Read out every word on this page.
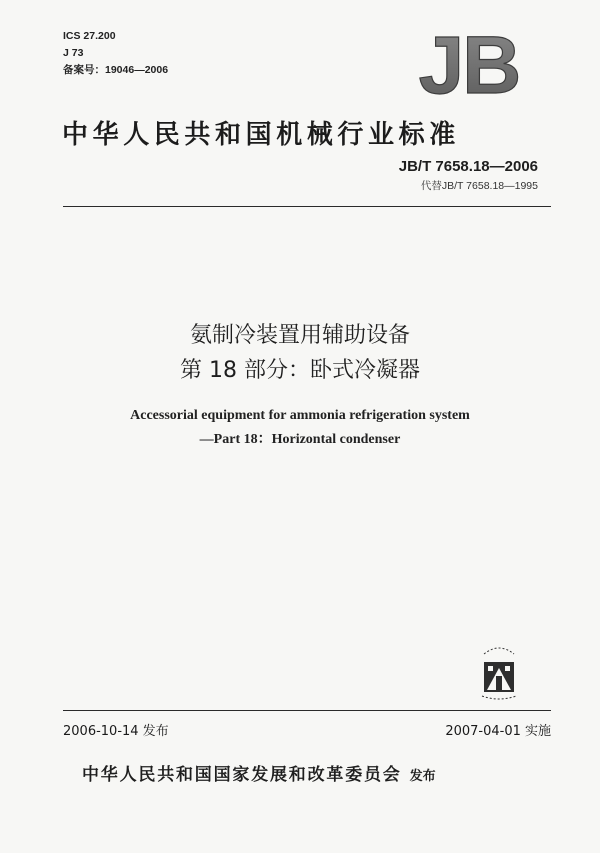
ICS 27.200
J 73
备案号：19046—2006	JB
中华人民共和国机械行业标准
JB/T 7658.18—2006
代替JB/T 7658.18—1995
氨制冷装置用辅助设备
第 18 部分：卧式冷凝器
Accessorial equipment for ammonia refrigeration system
—Part 18：Horizontal condenser
2006-10-14 发布	2007-04-01 实施
中华人民共和国国家发展和改革委员会 发布
